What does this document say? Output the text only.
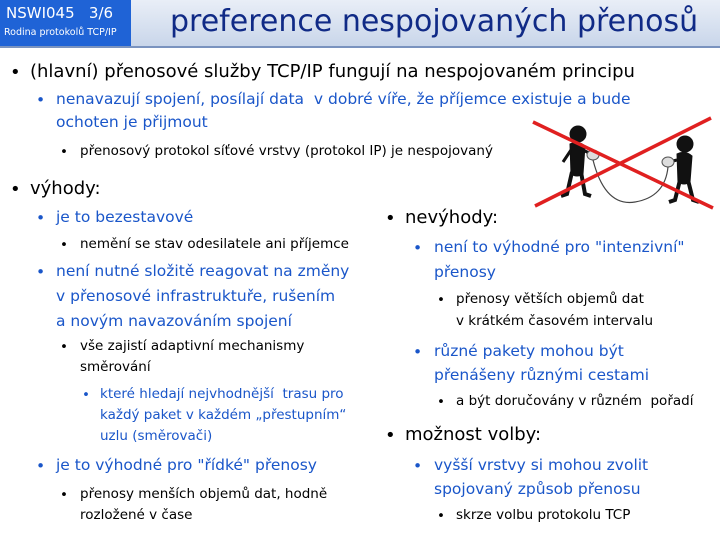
NSWI045   3/6
Rodina protokolů TCP/IP preference nespojovaných přenosů
• (hlavní) přenosové služby TCP/IP fungují na nespojovaném principu
• nenavazují spojení, posílají data  v dobré víře, že příjemce existuje a bude
ochoten je přijmout
• přenosový protokol síťové vrstvy (protokol IP) je nespojovaný
• výhody:
• je to bezestavové
• nemění se stav odesilatele ani příjemce
• není nutné složitě reagovat na změny
v přenosové infrastruktuře, rušením
a novým navazováním spojení
• vše zajistí adaptivní mechanismy
směrování
• které hledají nejvhodnější  trasu pro
každý paket v každém „přestupním“
uzlu (směrovači)
• je to výhodné pro "řídké" přenosy
• přenosy menších objemů dat, hodně
rozložené v čase
• nevýhody:
• není to výhodné pro "intenzivní"
přenosy
• přenosy větších objemů dat
v krátkém časovém intervalu
• různé pakety mohou být
přenášeny různými cestami
• a být doručovány v různém  pořadí
• možnost volby:
• vyšší vrstvy si mohou zvolit
spojovaný způsob přenosu
• skrze volbu protokolu TCP
